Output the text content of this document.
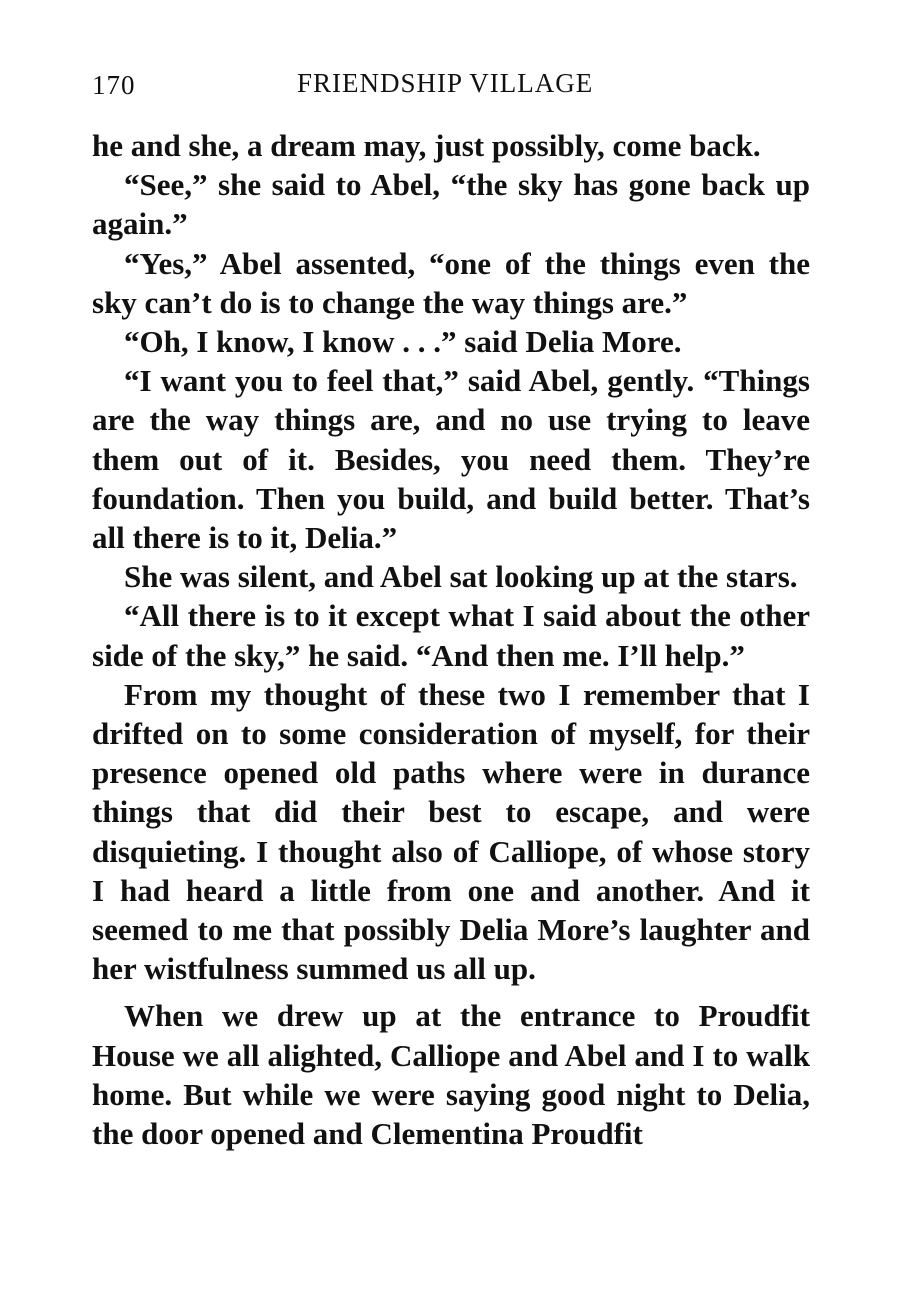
170	FRIENDSHIP VILLAGE

he and she, a dream may, just possibly, come back.

“See,” she said to Abel, “the sky has gone back up again.”

“Yes,” Abel assented, “one of the things even the sky can’t do is to change the way things are.”

“Oh, I know, I know . . .” said Delia More.

“I want you to feel that,” said Abel, gently. “Things are the way things are, and no use trying to leave them out of it. Besides, you need them. They’re foundation. Then you build, and build better. That’s all there is to it, Delia.”

She was silent, and Abel sat looking up at the stars.

“All there is to it except what I said about the other side of the sky,” he said. “And then me. I’ll help.”

From my thought of these two I remember that I drifted on to some consideration of myself, for their presence opened old paths where were in durance things that did their best to escape, and were disquieting. I thought also of Calliope, of whose story I had heard a little from one and another. And it seemed to me that possibly Delia More’s laughter and her wistfulness summed us all up.

When we drew up at the entrance to Proudfit House we all alighted, Calliope and Abel and I to walk home. But while we were saying good night to Delia, the door opened and Clementina Proudfit
